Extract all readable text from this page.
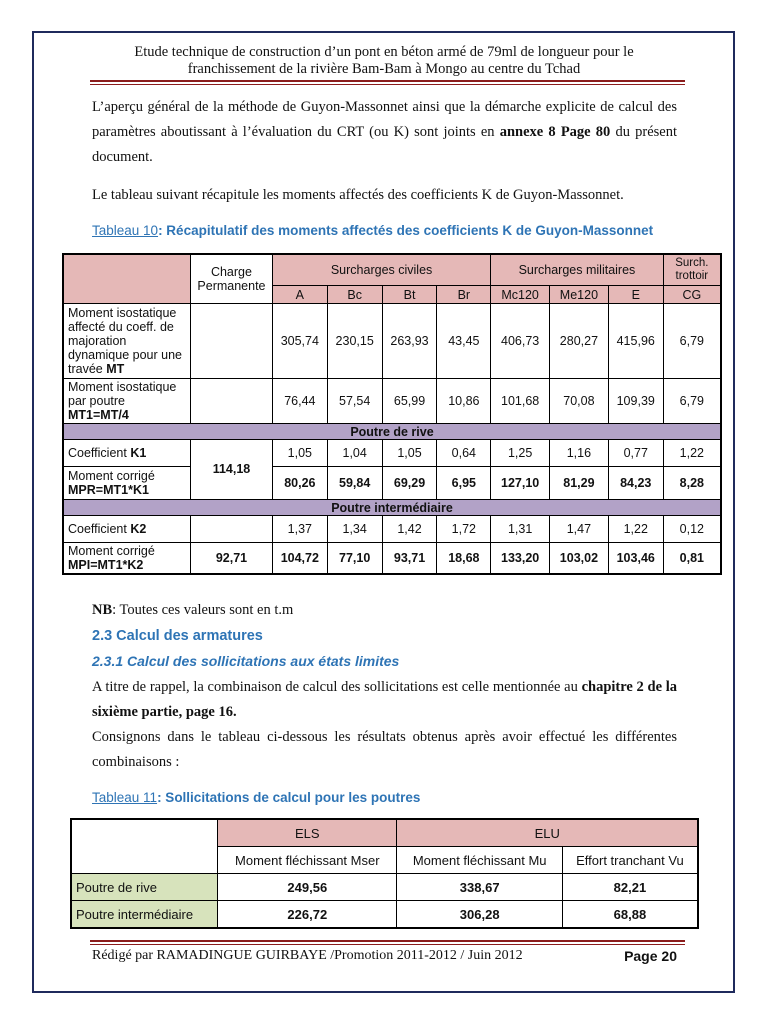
Etude technique de construction d’un pont en béton armé de 79ml de longueur pour le
franchissement de la rivière Bam-Bam à Mongo au centre du Tchad
L’aperçu général de la méthode de Guyon-Massonnet ainsi que la démarche explicite de calcul des paramètres aboutissant à l’évaluation du CRT (ou K) sont joints en annexe 8 Page 80 du présent document.
Le tableau suivant récapitule les moments affectés des coefficients K de Guyon-Massonnet.
Tableau 10: Récapitulatif des moments affectés des coefficients K de Guyon-Massonnet
	Charge Permanente	Surcharges civiles				Surcharges militaires			Surch. trottoir
		A	Bc	Bt	Br	Mc120	Me120	E	CG
Moment isostatique affecté du coeff. de majoration dynamique pour une travée MT		305,74	230,15	263,93	43,45	406,73	280,27	415,96	6,79
Moment isostatique par poutre MT1=MT/4		76,44	57,54	65,99	10,86	101,68	70,08	109,39	6,79
Poutre de rive									
Coefficient K1	114,18	1,05	1,04	1,05	0,64	1,25	1,16	0,77	1,22
Moment corrigé MPR=MT1*K1		80,26	59,84	69,29	6,95	127,10	81,29	84,23	8,28
Poutre intermédiaire									
Coefficient K2		1,37	1,34	1,42	1,72	1,31	1,47	1,22	0,12
Moment corrigé MPI=MT1*K2	92,71	104,72	77,10	93,71	18,68	133,20	103,02	103,46	0,81
NB: Toutes ces valeurs sont en t.m
2.3 Calcul des armatures
2.3.1 Calcul des sollicitations aux états limites
A titre de rappel, la combinaison de calcul des sollicitations est celle mentionnée au chapitre 2 de la sixième partie, page 16.
Consignons dans le tableau ci-dessous les résultats obtenus après avoir effectué les différentes combinaisons :
Tableau 11: Sollicitations de calcul pour les poutres
	ELS	ELU	
	Moment fléchissant Mser	Moment fléchissant Mu	Effort tranchant Vu
Poutre de rive	249,56	338,67	82,21
Poutre intermédiaire	226,72	306,28	68,88
Rédigé par RAMADINGUE GUIRBAYE /Promotion 2011-2012 / Juin 2012	Page 20
